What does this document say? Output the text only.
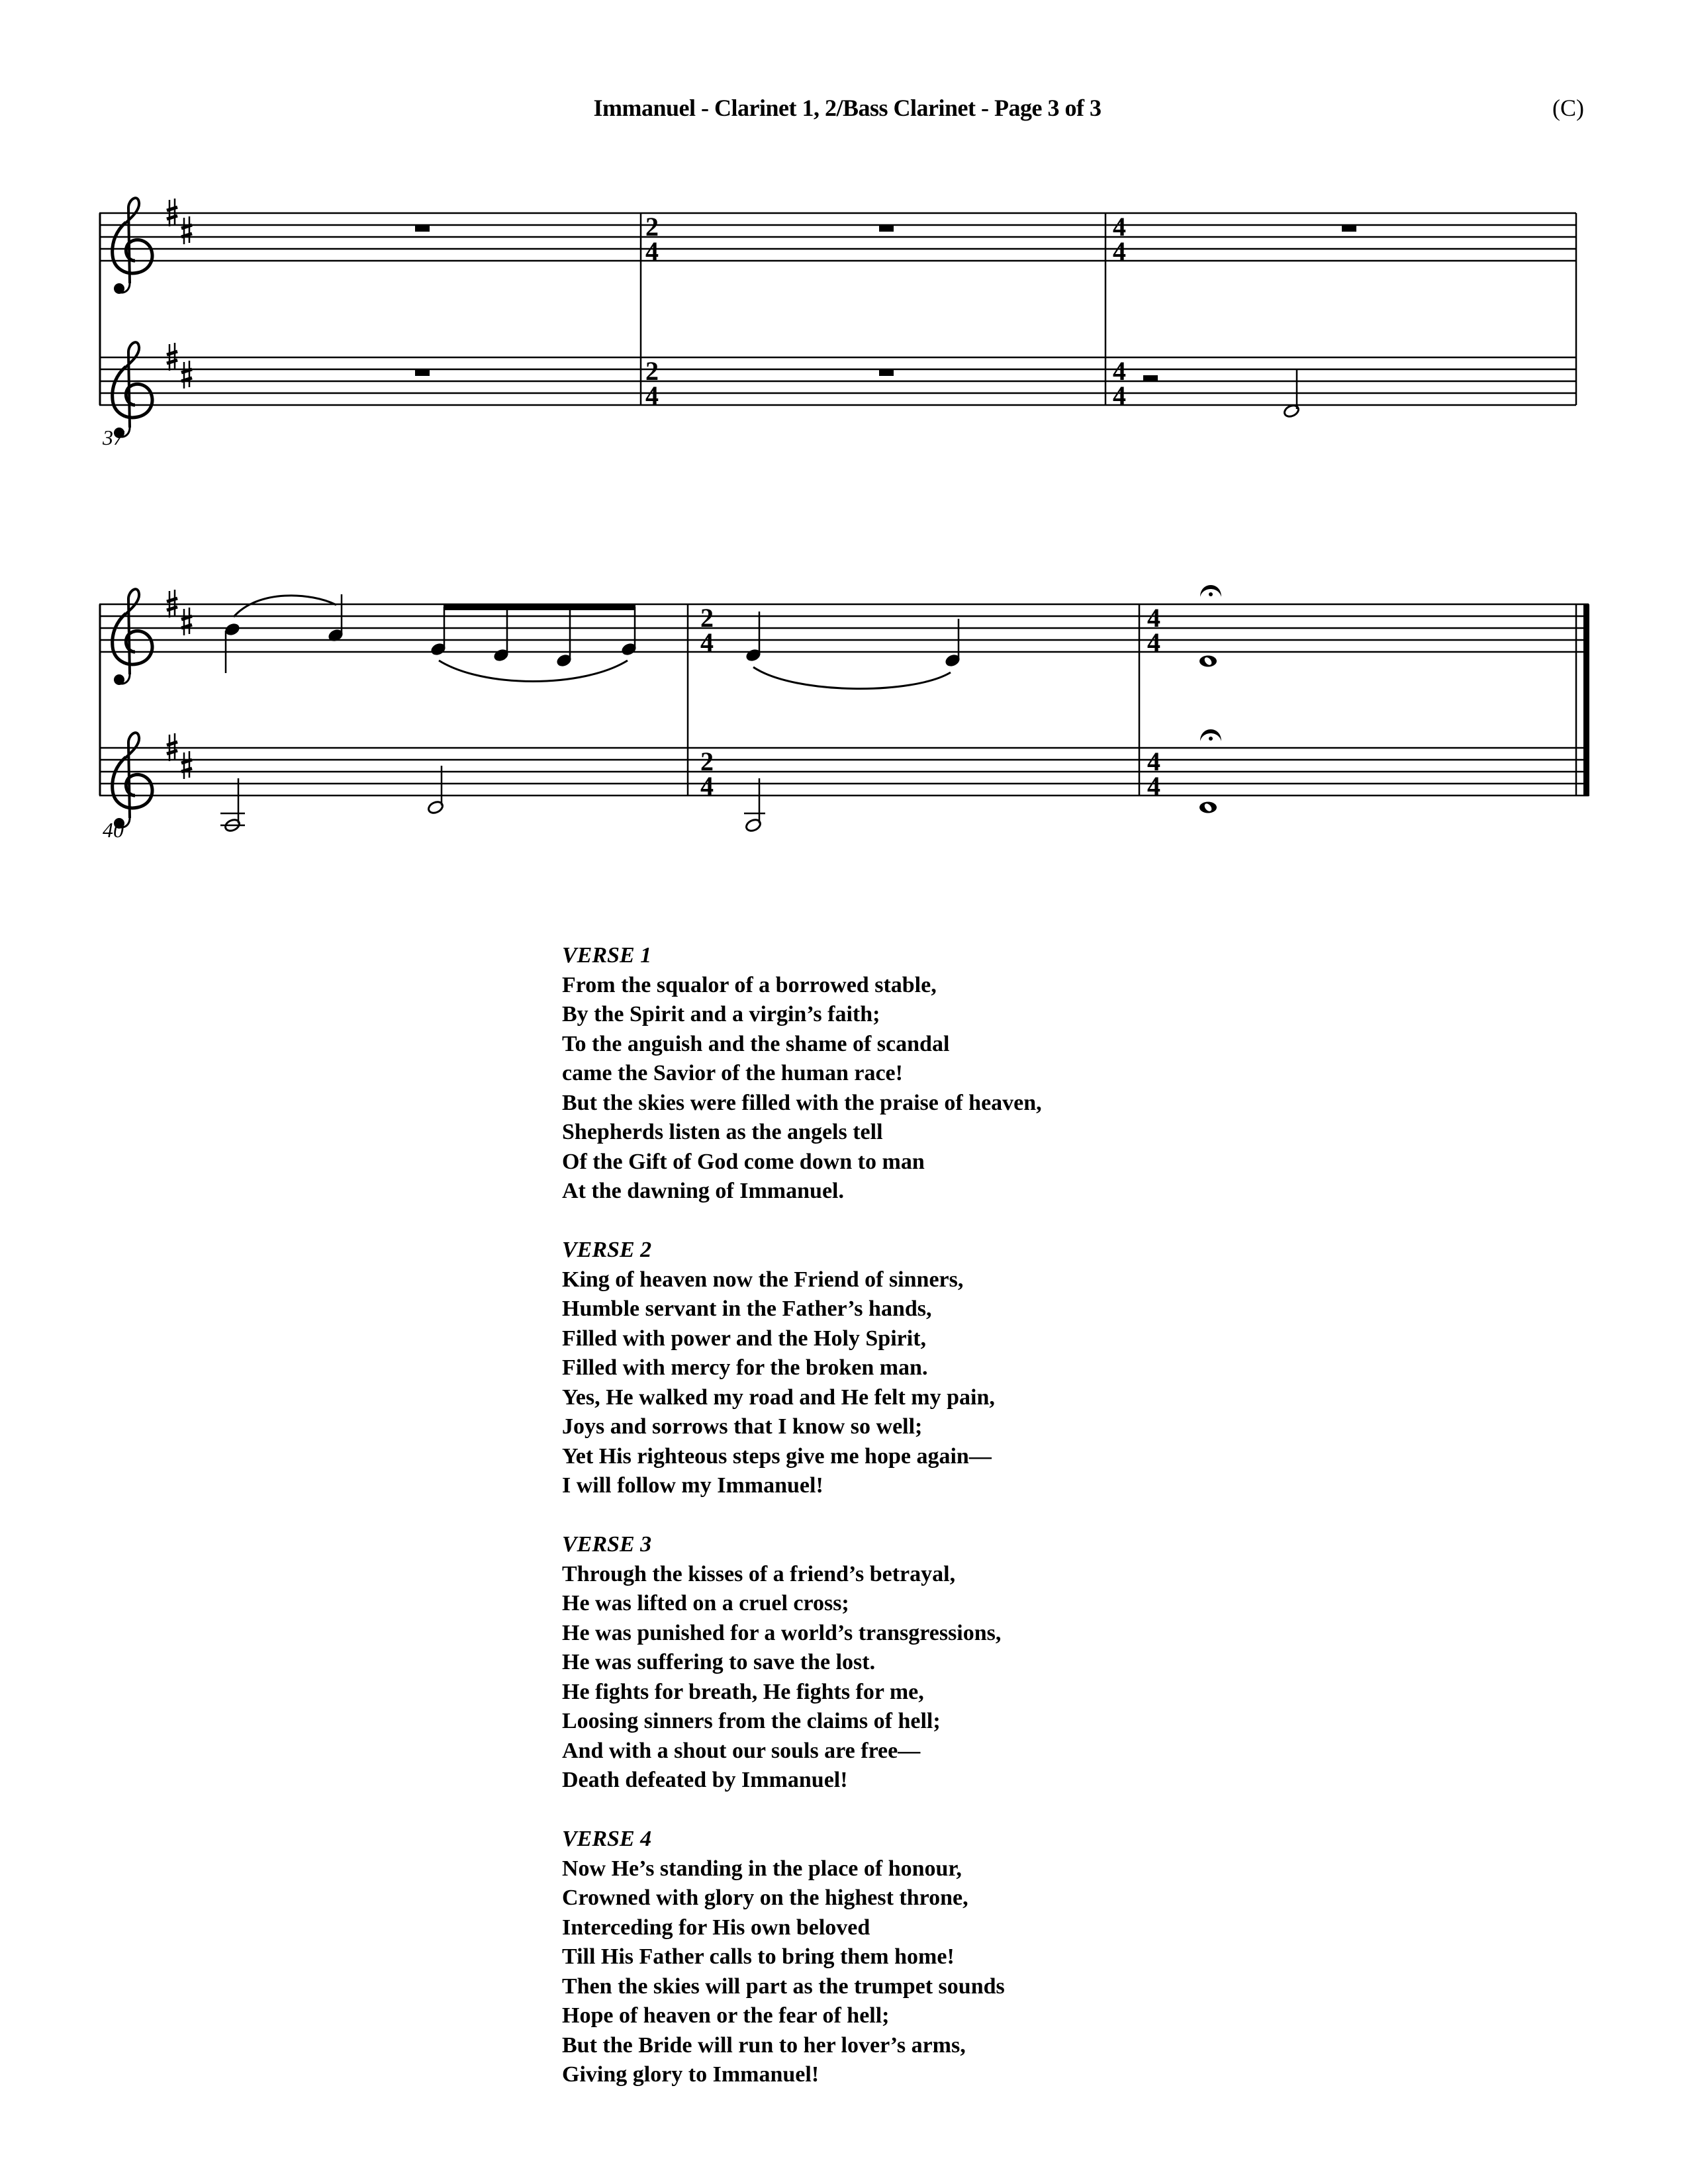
Immanuel - Clarinet 1, 2/Bass Clarinet - Page 3 of 3	(C)
37
2
4
2
4
4
4
4
4
40
2
4
2
4
4
4
4
4
VERSE 1
From the squalor of a borrowed stable,
By the Spirit and a virgin’s faith;
To the anguish and the shame of scandal
came the Savior of the human race!
But the skies were filled with the praise of heaven,
Shepherds listen as the angels tell
Of the Gift of God come down to man
At the dawning of Immanuel.
VERSE 2
King of heaven now the Friend of sinners,
Humble servant in the Father’s hands,
Filled with power and the Holy Spirit,
Filled with mercy for the broken man.
Yes, He walked my road and He felt my pain,
Joys and sorrows that I know so well;
Yet His righteous steps give me hope again—
I will follow my Immanuel!
VERSE 3
Through the kisses of a friend’s betrayal,
He was lifted on a cruel cross;
He was punished for a world’s transgressions,
He was suffering to save the lost.
He fights for breath, He fights for me,
Loosing sinners from the claims of hell;
And with a shout our souls are free—
Death defeated by Immanuel!
VERSE 4
Now He’s standing in the place of honour,
Crowned with glory on the highest throne,
Interceding for His own beloved
Till His Father calls to bring them home!
Then the skies will part as the trumpet sounds
Hope of heaven or the fear of hell;
But the Bride will run to her lover’s arms,
Giving glory to Immanuel!
